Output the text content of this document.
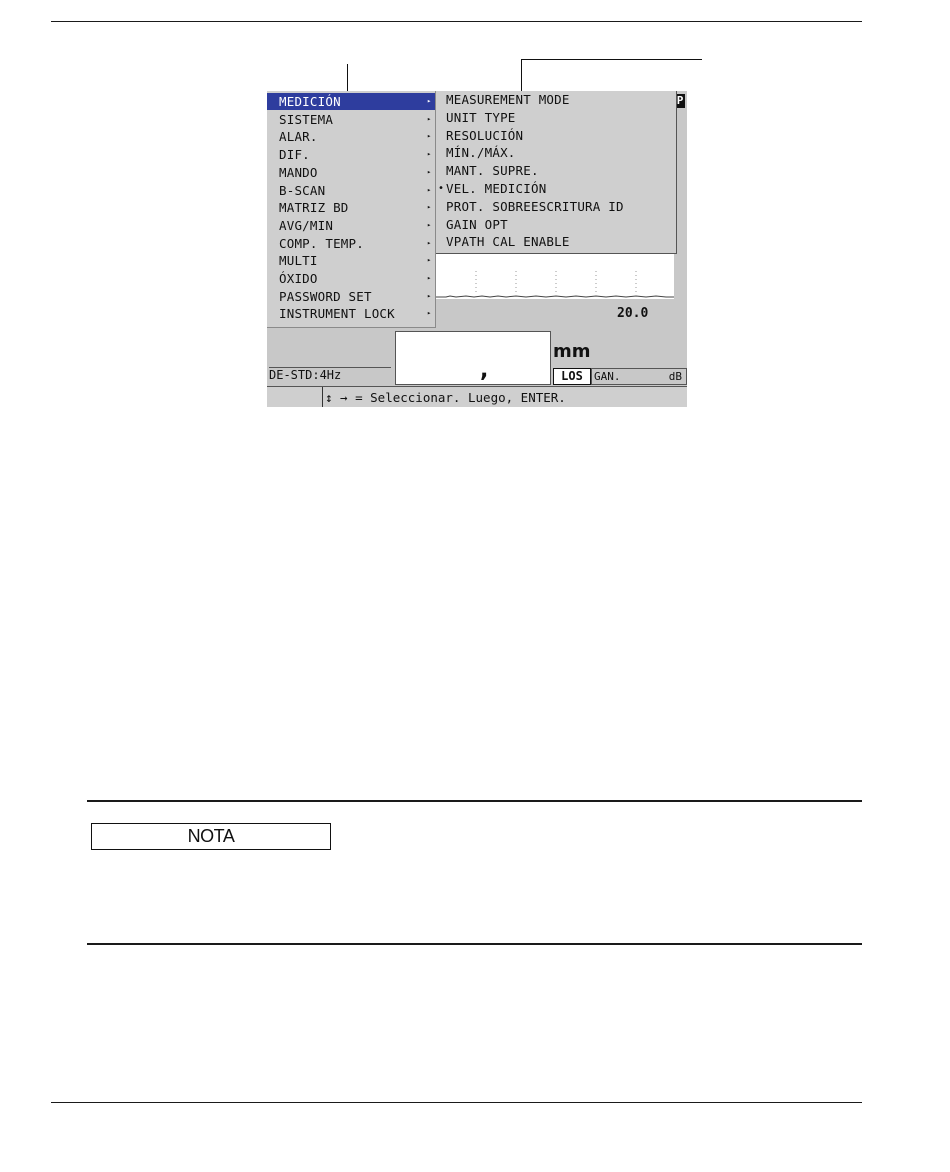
P
20.0
,
mm
DE-STD:4Hz	LOS	GAN.	dB
↕ → = Seleccionar. Luego, ENTER.
MEDICIÓN	▸
SISTEMA	▸
ALAR.	▸
DIF.	▸
MANDO	▸
B-SCAN	▸
MATRIZ BD	▸
AVG/MIN	▸
COMP. TEMP.	▸
MULTI	▸
ÓXIDO	▸
PASSWORD SET	▸
INSTRUMENT LOCK	▸
MEASUREMENT MODE
UNIT TYPE
RESOLUCIÓN
MÍN./MÁX.
MANT. SUPRE.
• VEL. MEDICIÓN
PROT. SOBREESCRITURA ID
GAIN OPT
VPATH CAL ENABLE
NOTA
